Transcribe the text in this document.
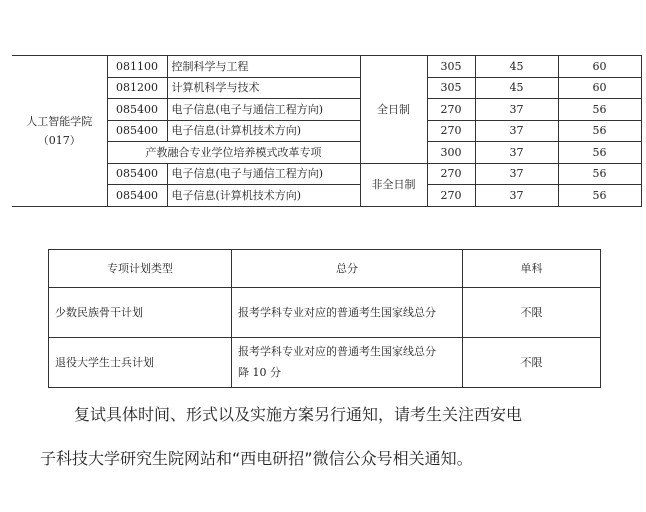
人工智能学院
（017）	081100	控制科学与工程	全日制	305	45	60
	081200	计算机科学与技术		305	45	60
	085400	电子信息(电子与通信工程方向)		270	37	56
	085400	电子信息(计算机技术方向)		270	37	56
	产教融合专业学位培养模式改革专项			300	37	56
	085400	电子信息(电子与通信工程方向)	非全日制	270	37	56
	085400	电子信息(计算机技术方向)		270	37	56
专项计划类型	总分	单科
少数民族骨干计划	报考学科专业对应的普通考生国家线总分	不限
退役大学生士兵计划	报考学科专业对应的普通考生国家线总分
降 10 分	不限
复试具体时间、形式以及实施方案另行通知，请考生关注西安电
子科技大学研究生院网站和“西电研招”微信公众号相关通知。
